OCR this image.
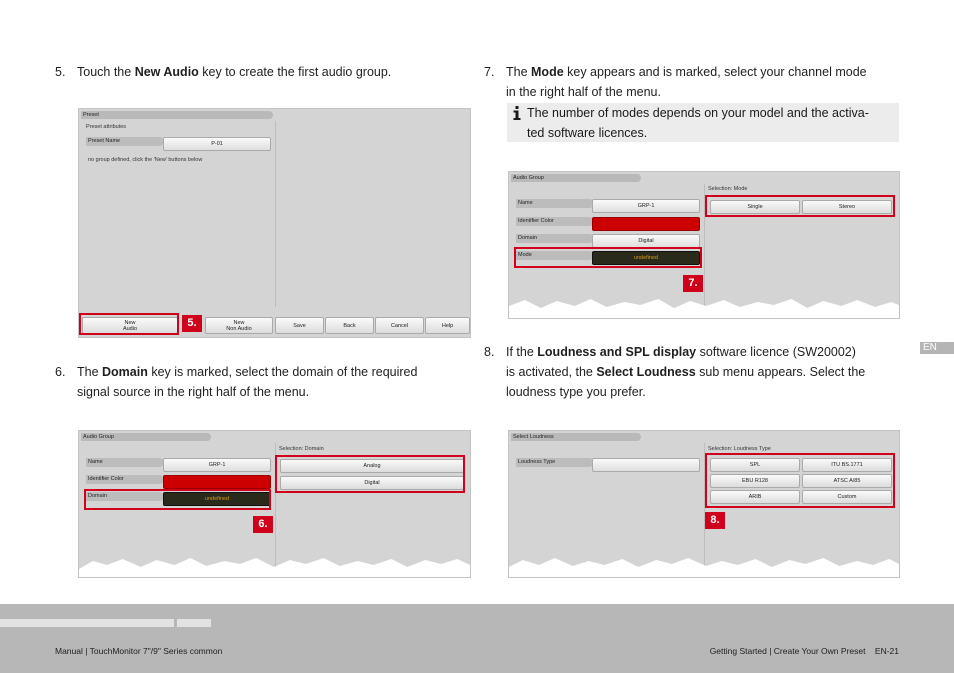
5. Touch the New Audio key to create the first audio group.
6. The Domain key is marked, select the domain of the required
signal source in the right half of the menu.
7. The Mode key appears and is marked, select your channel mode
in the right half of the menu.
The number of modes depends on your model and the activa-
ted software licences.
8. If the Loudness and SPL display software licence (SW20002)
is activated, the Select Loudness sub menu appears. Select the
loudness type you prefer.
Preset
Preset attributes
Preset Name	P-01
no group defined, click the 'New' buttons below
New
Audio
New
Non Audio	Save	Back	Cancel	Help
5.
Audio Group
Selection: Domain
Name	GRP-1
Identifier Color
Domain	undefined
Analog
Digital
6.
Audio Group
Selection: Mode
Name	GRP-1
Identifier Color
Domain	Digital
Mode	undefined
Single	Stereo
7.
Select Loudness
Selection: Loudness Type
Loudness Type	SPL	ITU BS.1771
EBU R128	ATSC A/85
ARIB	Custom
8.
EN
Manual | TouchMonitor 7"/9" Series common	Getting Started | Create Your Own Preset    EN-21
